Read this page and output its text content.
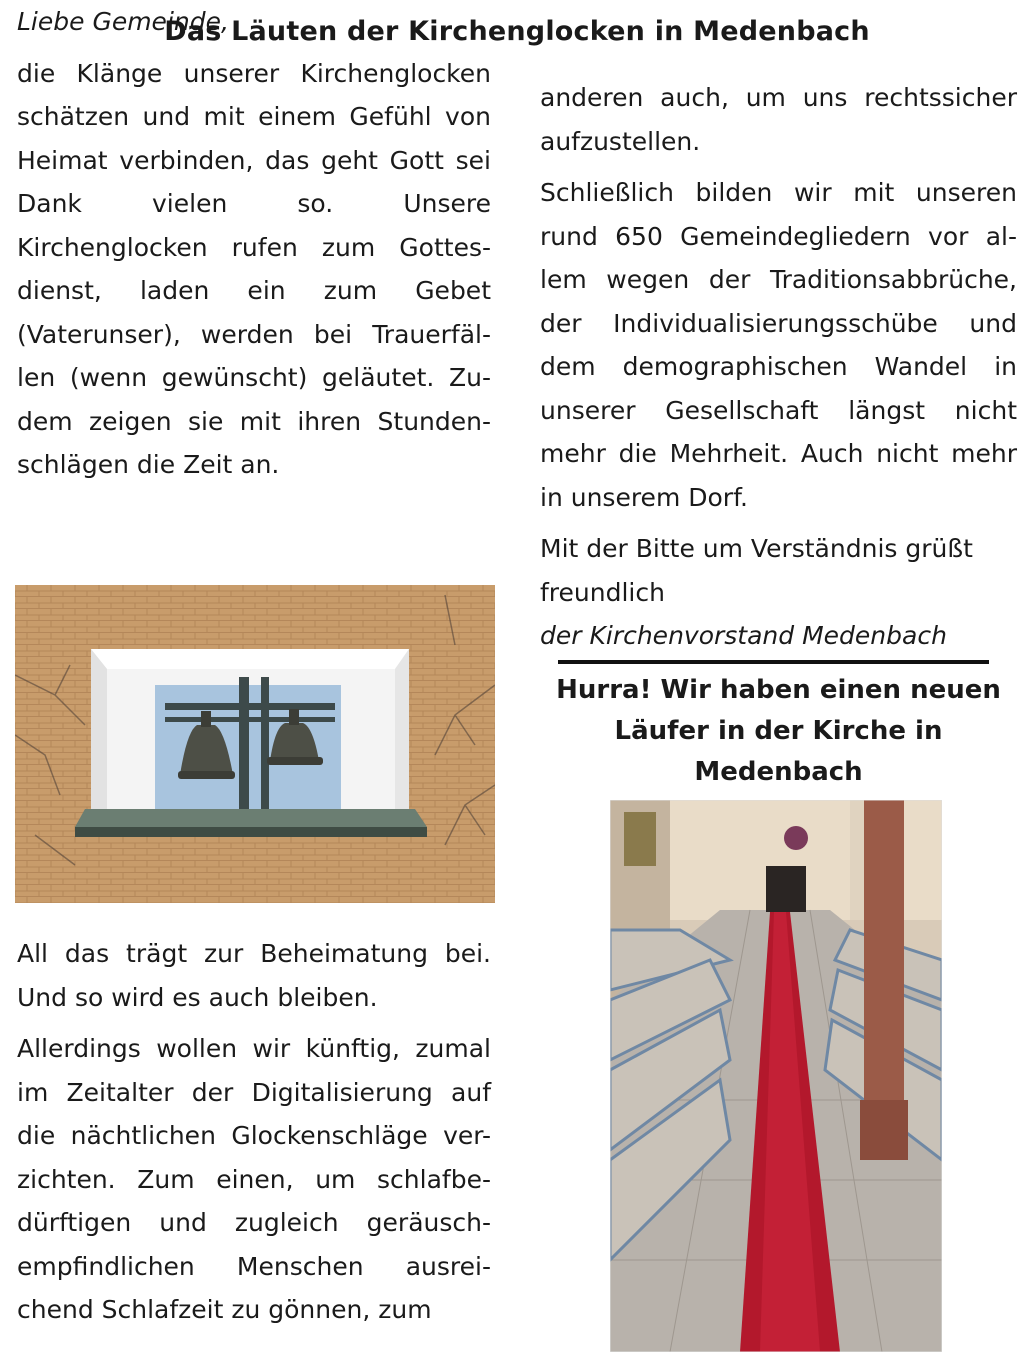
Das Läuten der Kirchenglocken in Medenbach

Liebe Gemeinde,

die Klänge unserer Kirchenglocken schätzen und mit einem Gefühl von Heimat verbinden, das geht Gott sei Dank vielen so. Unsere Kirchenglocken rufen zum Gottes-dienst, laden ein zum Gebet (Vaterunser), werden bei Trauerfäl-len (wenn gewünscht) geläutet. Zu-dem zeigen sie mit ihren Stunden-schlägen die Zeit an.

All das trägt zur Beheimatung bei. Und so wird es auch bleiben.

Allerdings wollen wir künftig, zumal im Zeitalter der Digitalisierung auf die nächtlichen Glockenschläge ver-zichten. Zum einen, um schlafbe-dürftigen und zugleich geräusch-empfindlichen Menschen ausrei-chend Schlafzeit zu gönnen, zum

anderen auch, um uns rechtssicher aufzustellen.

Schließlich bilden wir mit unseren rund 650 Gemeindegliedern vor al-lem wegen der Traditionsabbrüche, der Individualisierungsschübe und dem demographischen Wandel in unserer Gesellschaft längst nicht mehr die Mehrheit. Auch nicht mehr in unserem Dorf.

Mit der Bitte um Verständnis grüßt freundlich

der Kirchenvorstand Medenbach

Hurra! Wir haben einen neuen Läufer in der Kirche in Medenbach
